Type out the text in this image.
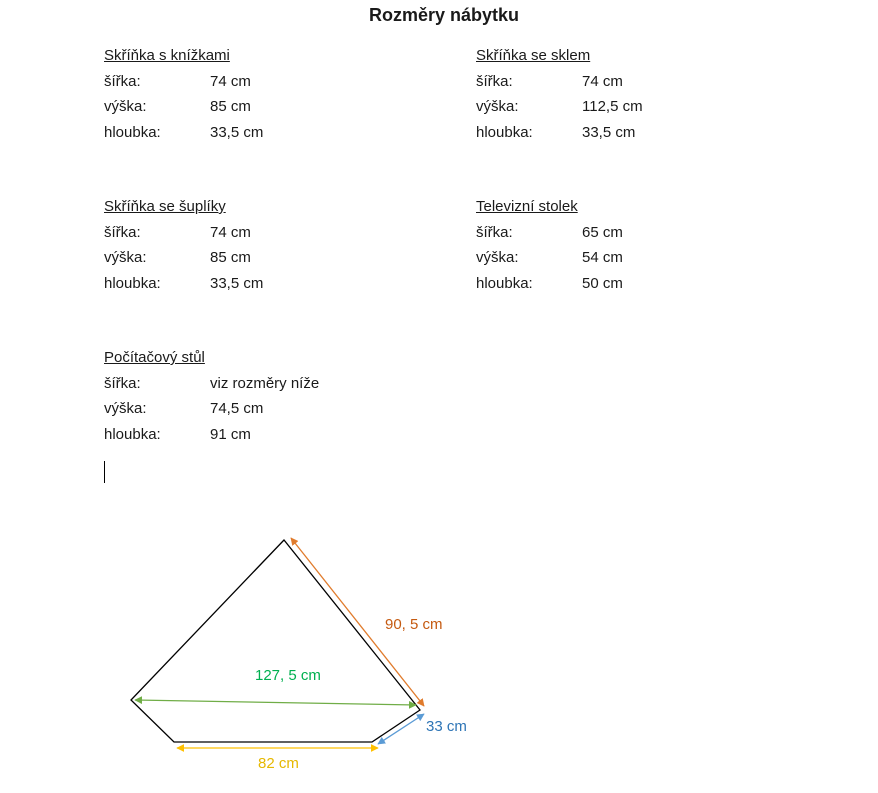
Rozměry nábytku
Skříňka s knížkami
šířka:	74 cm
výška:	85 cm
hloubka:	33,5 cm
Skříňka se sklem
šířka:	74 cm
výška:	112,5 cm
hloubka:	33,5 cm
Skříňka se šuplíky
šířka:	74 cm
výška:	85 cm
hloubka:	33,5 cm
Televizní stolek
šířka:	65 cm
výška:	54 cm
hloubka:	50 cm
Počítačový stůl
šířka:	viz rozměry níže
výška:	74,5 cm
hloubka:	91 cm
90, 5 cm
127, 5 cm
33 cm
82 cm
